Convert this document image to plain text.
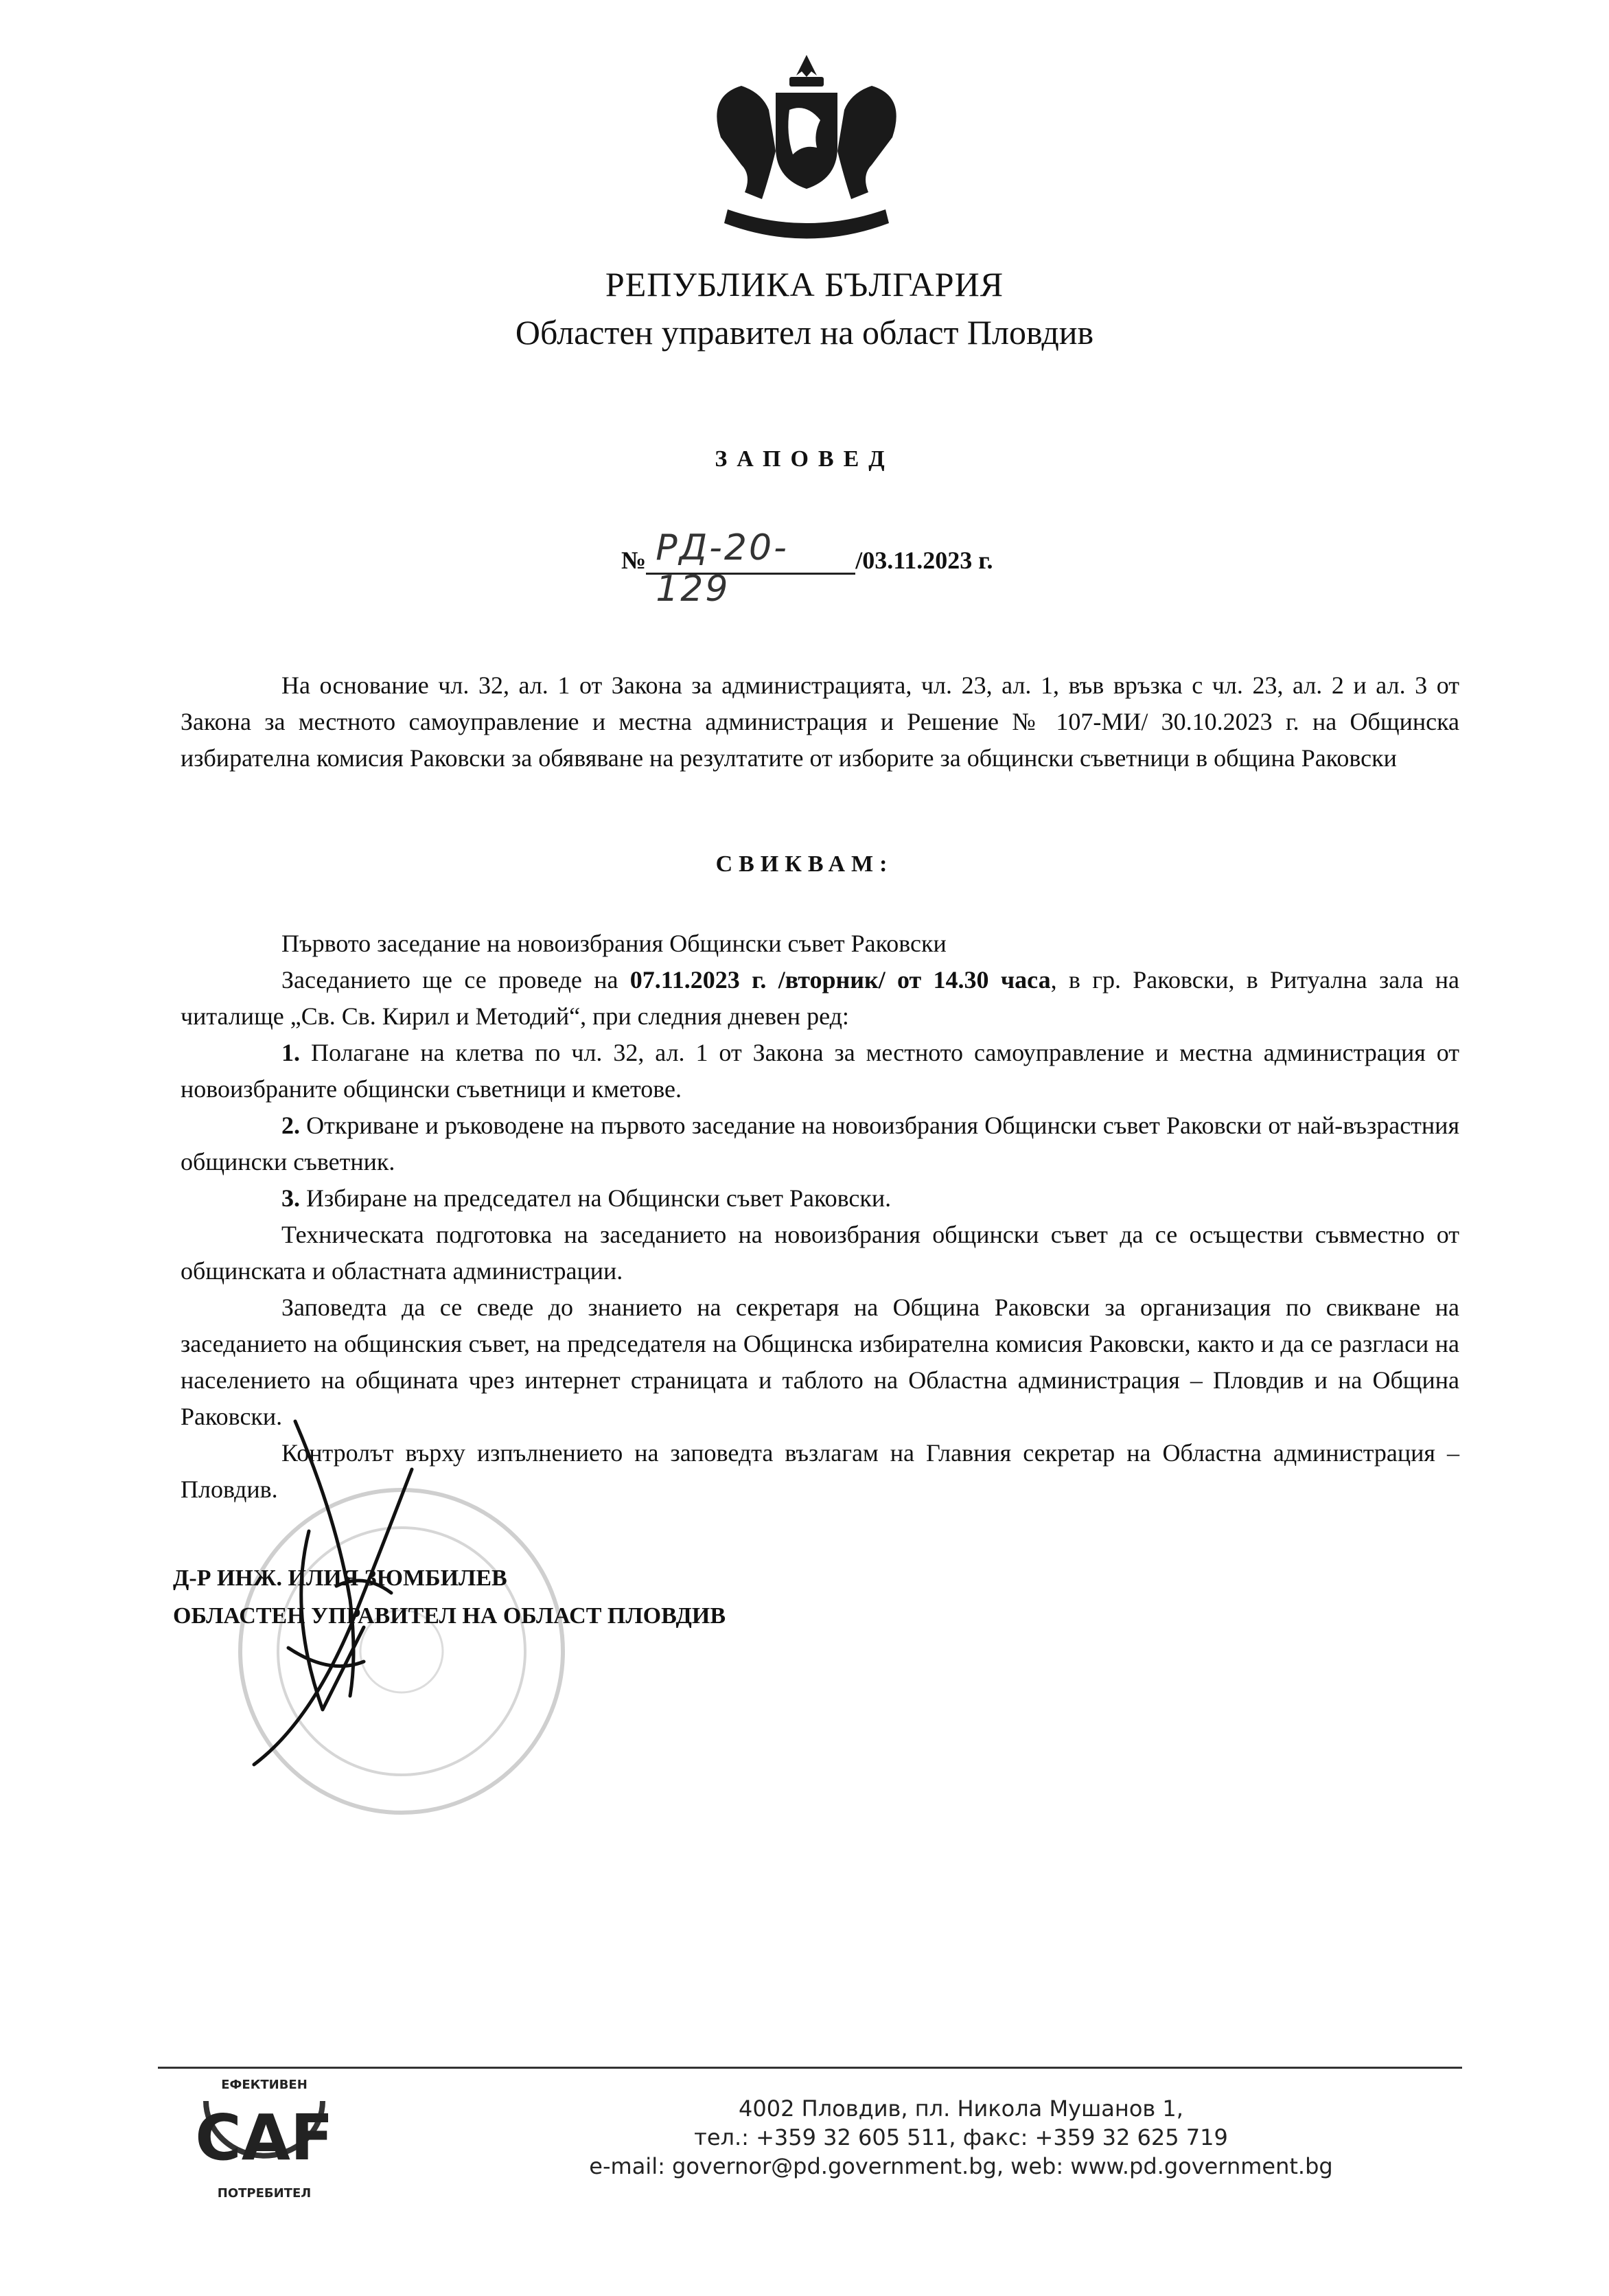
РЕПУБЛИКА БЪЛГАРИЯ
Областен управител на област Пловдив
ЗАПОВЕД
№ РД-20-129
/03.11.2023 г.
На основание чл. 32, ал. 1 от Закона за администрацията, чл. 23, ал. 1, във връзка с чл. 23, ал. 2 и ал. 3 от Закона за местното самоуправление и местна администрация и Решение № 107-МИ/ 30.10.2023 г. на Общинска избирателна комисия Раковски за обявяване на резултатите от изборите за общински съветници в община Раковски
СВИКВАМ:
Първото заседание на новоизбрания Общински съвет Раковски
Заседанието ще се проведе на 07.11.2023 г. /вторник/ от 14.30 часа, в гр. Раковски, в Ритуална зала на читалище „Св. Св. Кирил и Методий“, при следния дневен ред:
1. Полагане на клетва по чл. 32, ал. 1 от Закона за местното самоуправление и местна администрация от новоизбраните общински съветници и кметове.
2. Откриване и ръководене на първото заседание на новоизбрания Общински съвет Раковски от най-възрастния общински съветник.
3. Избиране на председател на Общински съвет Раковски.
Техническата подготовка на заседанието на новоизбрания общински съвет да се осъществи съвместно от общинската и областната администрации.
Заповедта да се сведе до знанието на секретаря на Община Раковски за организация по свикване на заседанието на общинския съвет, на председателя на Общинска избирателна комисия Раковски, както и да се разгласи на населението на общината чрез интернет страницата и таблото на Областна администрация – Пловдив и на Община Раковски.
Контролът върху изпълнението на заповедта възлагам на Главния секретар на Областна администрация – Пловдив.
Д-Р ИНЖ. ИЛИЯ ЗЮМБИЛЕВ
ОБЛАСТЕН УПРАВИТЕЛ НА ОБЛАСТ ПЛОВДИВ
ЕФЕКТИВЕН
CAF
ПОТРЕБИТЕЛ
4002 Пловдив, пл. Никола Мушанов 1,
тел.: +359 32 605 511, факс: +359 32 625 719
e-mail: governor@pd.government.bg, web: www.pd.government.bg
